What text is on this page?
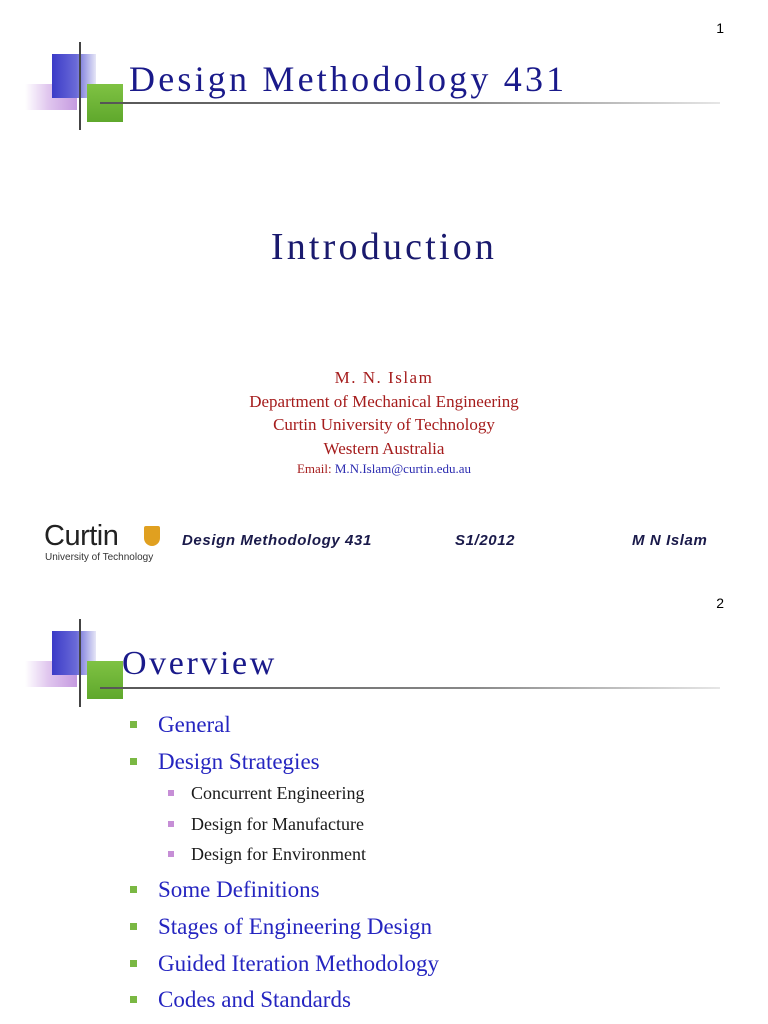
1
Design Methodology 431
Introduction
M. N. Islam
Department of Mechanical Engineering
Curtin University of Technology
Western Australia
Email: M.N.Islam@curtin.edu.au
Curtin
University of Technology
Design Methodology 431	S1/2012	M N Islam
2
Overview
General
Design Strategies
Concurrent Engineering
Design for Manufacture
Design for Environment
Some Definitions
Stages of Engineering Design
Guided Iteration Methodology
Codes and Standards
